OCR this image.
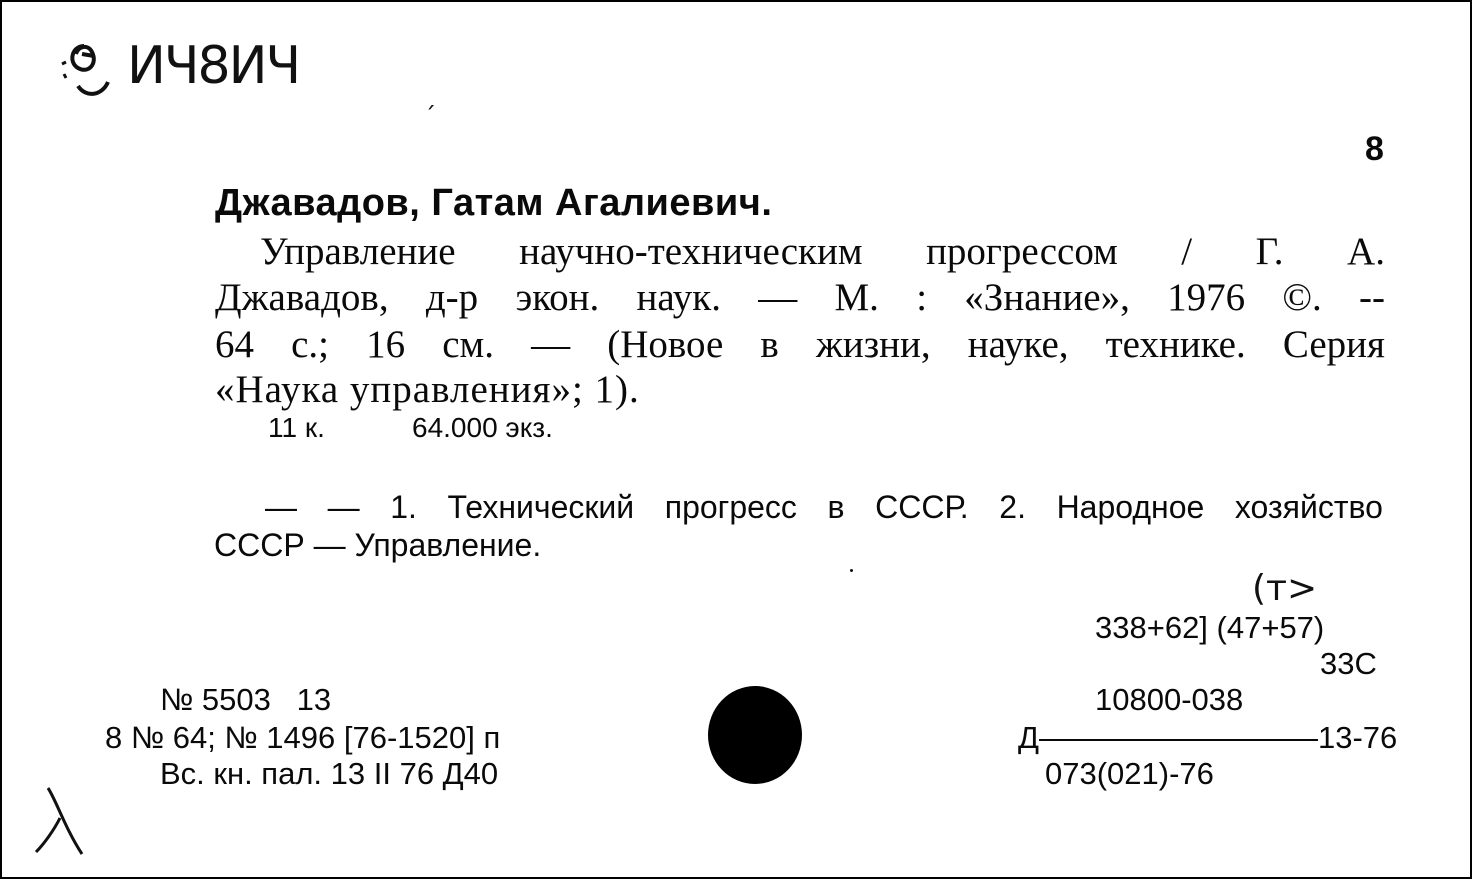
ИЧ8ИЧ	ˏ
8
Джавадов, Гатам Агалиевич.
Управление научно-техническим прогрессом / Г. А.
Джавадов, д-р экон. наук. — М. : «Знание», 1976 ©. --
64 с.; 16 см. — (Новое в жизни, науке, технике. Серия
«Наука управления»; 1).
11 к.	64.000 экз.
— — 1. Технический прогресс в СССР. 2. Народное хозяйство
СССР — Управление.
(т>
338+62] (47+57)
33С
10800-038
Д—————————13-76
073(021)-76
№ 5503   13
8 № 64; № 1496 [76-1520] п
Вс. кн. пал. 13 II 76 Д40
